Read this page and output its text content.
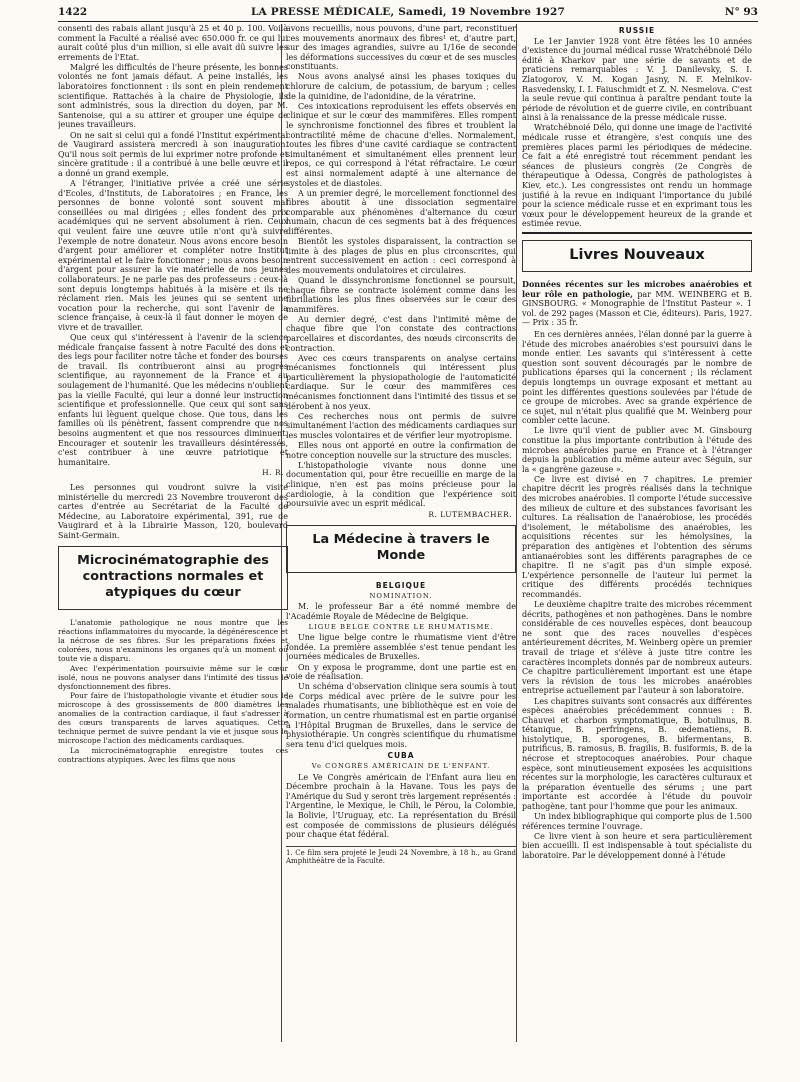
1422	LA PRESSE MÉDICALE, Samedi, 19 Novembre 1927	N° 93

consenti des rabais allant jusqu'à 25 et 40 p. 100. Voilà comment la Faculté a réalisé avec 650.000 fr. ce qui lui aurait coûté plus d'un million, si elle avait dû suivre les errements de l'Etat.

Malgré les difficultés de l'heure présente, les bonnes volontés ne font jamais défaut. A peine installés, les laboratoires fonctionnent : ils sont en plein rendement scientifique. Rattachés à la chaire de Physiologie, ils sont administrés, sous la direction du doyen, par M. Santenoise, qui a su attirer et grouper une équipe de jeunes travailleurs.

On ne sait si celui qui a fondé l'Institut expérimental de Vaugirard assistera mercredi à son inauguration. Qu'il nous soit permis de lui exprimer notre profonde et sincère gratitude : il a contribué à une belle œuvre et il a donné un grand exemple.

A l'étranger, l'initiative privée a créé une série d'Ecoles, d'Instituts, de Laboratoires ; en France, les personnes de bonne volonté sont souvent mal conseillées ou mal dirigées ; elles fondent des prix académiques qui ne servent absolument à rien. Ceux qui veulent faire une œuvre utile n'ont qu'à suivre l'exemple de notre donateur. Nous avons encore besoin d'argent pour améliorer et compléter notre Institut expérimental et le faire fonctionner ; nous avons besoin d'argent pour assurer la vie matérielle de nos jeunes collaborateurs. Je ne parle pas des professeurs : ceux-là sont depuis longtemps habitués à la misère et ils ne réclament rien. Mais les jeunes qui se sentent une vocation pour la recherche, qui sont l'avenir de la science française, à ceux-là il faut donner le moyen de vivre et de travailler.

Que ceux qui s'intéressent à l'avenir de la science médicale française fassent à notre Faculté des dons et des legs pour faciliter notre tâche et fonder des bourses de travail. Ils contribueront ainsi au progrès scientifique, au rayonnement de la France et au soulagement de l'humanité. Que les médecins n'oublient pas la vieille Faculté, qui leur a donné leur instruction scientifique et professionnelle. Que ceux qui sont sans enfants lui lèguent quelque chose. Que tous, dans les familles où ils pénètrent, fassent comprendre que nos besoins augmentent et que nos ressources diminuent. Encourager et soutenir les travailleurs désintéressés, c'est contribuer à une œuvre patriotique et humanitaire.

H. R.

Les personnes qui voudront suivre la visite ministérielle du mercredi 23 Novembre trouveront des cartes d'entrée au Secrétariat de la Faculté de Médecine, au Laboratoire expérimental, 391, rue de Vaugirard et à la Librairie Masson, 120, boulevard Saint-Germain.

Microcinématographie des contractions normales et atypiques du cœur

L'anatomie pathologique ne nous montre que les réactions inflammatoires du myocarde, la dégénérescence et la nécrose de ses fibres. Sur les préparations fixées et colorées, nous n'examinons les organes qu'à un moment où toute vie a disparu.

Avec l'expérimentation poursuivie même sur le cœur isolé, nous ne pouvons analyser dans l'intimité des tissus le dysfonctionnement des fibres.

Pour faire de l'histopathologie vivante et étudier sous le microscope à des grossissements de 800 diamètres les anomalies de la contraction cardiaque, il faut s'adresser à des cœurs transparents de larves aquatiques. Cette technique permet de suivre pendant la vie et jusque sous le microscope l'action des médicaments cardiaques.

La microcinématographie enregistre toutes ces contractions atypiques. Avec les films que nous

avons recueillis, nous pouvons, d'une part, reconstituer ces mouvements anormaux des fibres¹ et, d'autre part, sur des images agrandies, suivre au 1/16e de seconde les déformations successives du cœur et de ses muscles constituants.

Nous avons analysé ainsi les phases toxiques du chlorure de calcium, de potassium, de baryum ; celles de la quinidine, de l'adonidine, de la vératrine.

Ces intoxications reproduisent les effets observés en clinique et sur le cœur des mammifères. Elles rompent le synchronisme fonctionnel des fibres et troublent la contractilité même de chacune d'elles. Normalement, toutes les fibres d'une cavité cardiaque se contractent simultanément et simultanément elles prennent leur repos, ce qui correspond à l'état réfractaire. Le cœur est ainsi normalement adapté à une alternance de systoles et de diastoles.

A un premier degré, le morcellement fonctionnel des fibres aboutit à une dissociation segmentaire comparable aux phénomènes d'alternance du cœur humain, chacun de ces segments bat à des fréquences différentes.

Bientôt les systoles disparaissent, la contraction se limite à des plages de plus en plus circonscrites, qui entrent successivement en action : ceci correspond à des mouvements ondulatoires et circulaires.

Quand le dissynchronisme fonctionnel se poursuit, chaque fibre se contracte isolément comme dans les fibrillations les plus fines observées sur le cœur des mammifères.

Au dernier degré, c'est dans l'intimité même de chaque fibre que l'on constate des contractions parcellaires et discordantes, des nœuds circonscrits de contraction.

Avec ces cœurs transparents on analyse certains mécanismes fonctionnels qui intéressent plus particulièrement la physiopathologie de l'automaticité cardiaque. Sur le cœur des mammifères ces mécanismes fonctionnent dans l'intimité des tissus et se dérobent à nos yeux.

Ces recherches nous ont permis de suivre simultanément l'action des médicaments cardiaques sur les muscles volontaires et de vérifier leur myotropisme.

Elles nous ont apporté en outre la confirmation de notre conception nouvelle sur la structure des muscles.

L'histopathologie vivante nous donne une documentation qui, pour être recueillie en marge de la clinique, n'en est pas moins précieuse pour la cardiologie, à la condition que l'expérience soit poursuivie avec un esprit médical.

R. LUTEMBACHER.
La Médecine à travers le Monde
BELGIQUE
NOMINATION.

M. le professeur Bar a été nommé membre de l'Académie Royale de Médecine de Belgique.

LIGUE BELGE CONTRE LE RHUMATISME.

Une ligue belge contre le rhumatisme vient d'être fondée. La première assemblée s'est tenue pendant les journées médicales de Bruxelles.

On y exposa le programme, dont une partie est en voie de réalisation.

Un schéma d'observation clinique sera soumis à tout le Corps médical avec prière de le suivre pour les malades rhumatisants, une bibliothèque est en voie de formation, un centre rhumatismal est en partie organisé à l'Hôpital Brugman de Bruxelles, dans le service de physiothérapie. Un congrès scientifique du rhumatisme sera tenu d'ici quelques mois.

CUBA
Ve CONGRÈS AMÉRICAIN DE L'ENFANT.

Le Ve Congrès américain de l'Enfant aura lieu en Décembre prochain à la Havane. Tous les pays de l'Amérique du Sud y seront très largement représentés : l'Argentine, le Mexique, le Chili, le Pérou, la Colombie, la Bolivie, l'Uruguay, etc. La représentation du Brésil est composée de commissions de plusieurs délégués pour chaque état fédéral.

1. Ce film sera projeté le Jeudi 24 Novembre, à 18 h., au Grand Amphithéâtre de la Faculté.
RUSSIE

Le 1er Janvier 1928 vont être fêtées les 10 années d'existence du journal médical russe Wratchébnoié Délo édité à Kharkov par une série de savants et de praticiens remarquables : V. J. Danilevsky, S. I. Zlatogorov, V. M. Kogan Jasny, N. F. Melnikov-Rasvedensky, I. I. Faiuschmidt et Z. N. Nesmelova. C'est la seule revue qui continua à paraître pendant toute la période de révolution et de guerre civile, en contribuant ainsi à la renaissance de la presse médicale russe.

Wratchébnoié Délo, qui donne une image de l'activité médicale russe et étrangère, s'est conquis une des premières places parmi les périodiques de médecine. Ce fait a été enregistré tout récemment pendant les séances de plusieurs congrès (2e Congrès de thérapeutique à Odessa, Congrès de pathologistes à Kiev, etc.). Les congressistes ont rendu un hommage justifié à la revue en indiquant l'importance du jubilé pour la science médicale russe et en exprimant tous les vœux pour le développement heureux de la grande et estimée revue.

Livres Nouveaux

Données récentes sur les microbes anaérobies et leur rôle en pathologie, par MM. WEINBERG et B. GINSBOURG. « Monographie de l'Institut Pasteur ». 1 vol. de 292 pages (Masson et Cie, éditeurs). Paris, 1927. — Prix : 35 fr.

En ces dernières années, l'élan donné par la guerre à l'étude des microbes anaérobies s'est poursuivi dans le monde entier. Les savants qui s'intéressent à cette question sont souvent découragés par le nombre de publications éparses qui la concernent ; ils réclament depuis longtemps un ouvrage exposant et mettant au point les différentes questions soulevées par l'étude de ce groupe de microbes. Avec sa grande expérience de ce sujet, nul n'était plus qualifié que M. Weinberg pour combler cette lacune.

Le livre qu'il vient de publier avec M. Ginsbourg constitue la plus importante contribution à l'étude des microbes anaérobies parue en France et à l'étranger depuis la publication du même auteur avec Séguin, sur la « gangrène gazeuse ».

Ce livre est divisé en 7 chapitres. Le premier chapitre décrit les progrès réalisés dans la technique des microbes anaérobies. Il comporte l'étude successive des milieux de culture et des substances favorisant les cultures. La réalisation de l'anaérobiose, les procédés d'isolement, le métabolisme des anaérobies, les acquisitions récentes sur les hémolysines, la préparation des antigènes et l'obtention des sérums antianaérobies sont les différents paragraphes de ce chapitre. Il ne s'agit pas d'un simple exposé. L'expérience personnelle de l'auteur lui permet la critique des différents procédés techniques recommandés.

Le deuxième chapitre traite des microbes récemment décrits, pathogènes et non pathogènes. Dans le nombre considérable de ces nouvelles espèces, dont beaucoup ne sont que des races nouvelles d'espèces antérieurement décrites, M. Weinberg opère un premier travail de triage et s'élève à juste titre contre les caractères incomplets donnés par de nombreux auteurs. Ce chapitre particulièrement important est une étape vers la révision de tous les microbes anaérobies entreprise actuellement par l'auteur à son laboratoire.

Les chapitres suivants sont consacrés aux différentes espèces anaérobies précédemment connues : B. Chauvei et charbon symptomatique, B. botulinus, B. tétanique, B. perfringens, B. œdematiens, B. histolytique, B. sporogenes, B. bifermentans, B. putrificus, B. ramosus, B. fragilis, B. fusiformis, B. de la nécrose et streptocoques anaérobies. Pour chaque espèce, sont minutieusement exposées les acquisitions récentes sur la morphologie, les caractères culturaux et la préparation éventuelle des sérums ; une part importante est accordée à l'étude du pouvoir pathogène, tant pour l'homme que pour les animaux.

Un index bibliographique qui comporte plus de 1.500 références termine l'ouvrage.

Ce livre vient à son heure et sera particulièrement bien accueilli. Il est indispensable à tout spécialiste du laboratoire. Par le développement donné à l'étude
